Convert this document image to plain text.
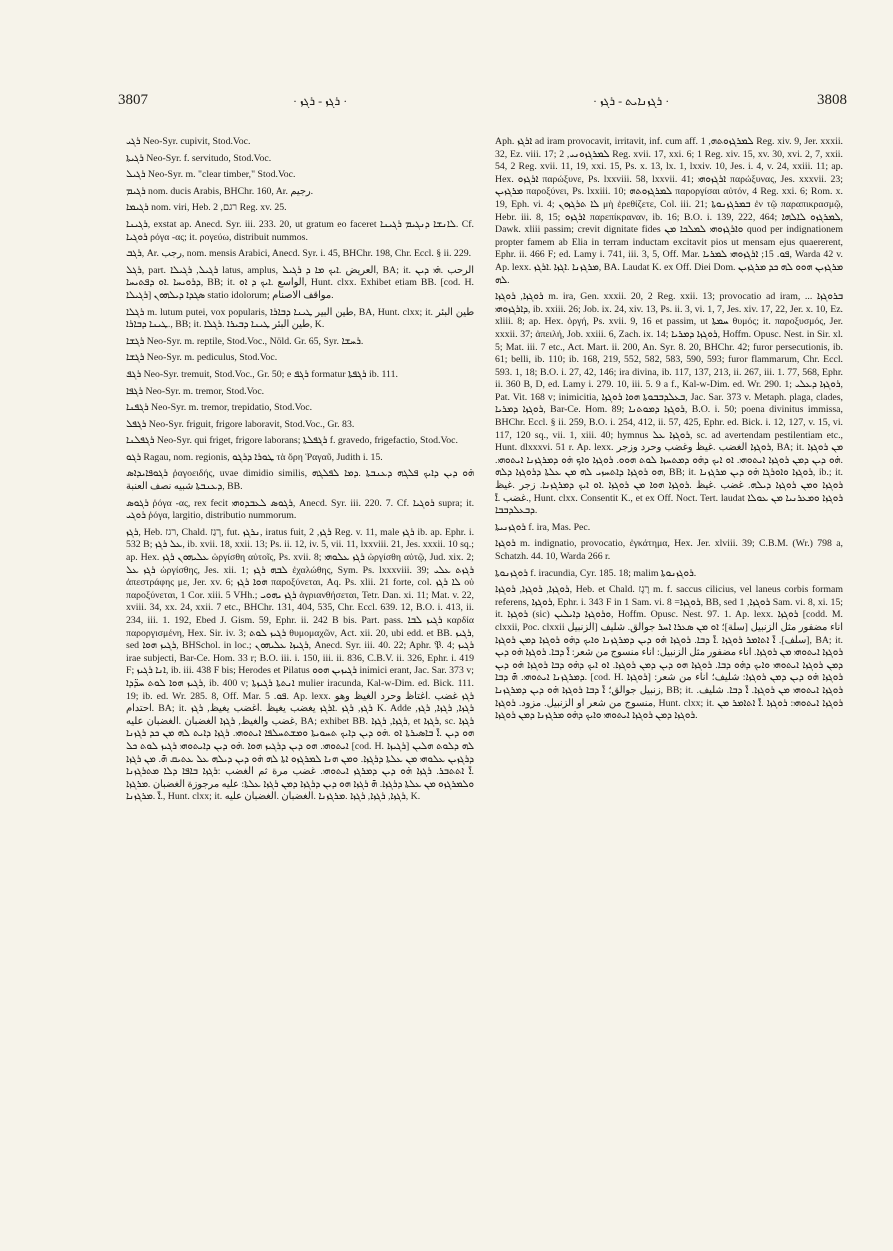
3807	· ܪܓܙ - ܪܓܙ ·	· ܪܓܙܢܐܝܬ - ܪܓܙ ·	3808

ܪܓܝ Neo-Syr. cupivit, Stod.Voc.

ܪܓܝܬܐ Neo-Syr. f. servitudo, Stod.Voc.

ܪܓܝܠ Neo-Syr. m. "clear timber," Stod.Voc.

ܪܓܝܡ nom. ducis Arabis, BHChr. 160, Ar. رجيم.

ܪܓܝܡܐ nom. viri, Heb. רגם, 2 Reg. xv. 25.

ܪܓܝܢܐ, exstat ap. Anecd. Syr. iii. 233. 20, ut gratum eo faceret ܠܐܢܫܐ ܕܢܓܝܡ ܪܓܝܢܐ. Cf. ܪܘܓܝܐ ρόγα -ας; it. ρογεύω, distribuit nummos.

ܪܓܒ, Ar. رجب, nom. mensis Arabici, Anecd. Syr. i. 45, BHChr. 198, Chr. Eccl. § ii. 229.

ܪܓܠ, part. ܪܓܝܠ, ܪܓܝܠܐ latus, amplus, العريض .ܐܝܟ ܡܐ ܕ ܪܓܝܠ, BA; it. الرحب .ܗ̇ܝ ܕܝܢ ܕܪܘܝܚܐ .ܐܘ ܕܦܬܝܚܐ, BB; it. الواسع .ܐܝܟ ܕ ܐܘ, Hunt. clxx. Exhibet etiam BB. [cod. H. ܪܓܝܠܐ] ܣܓܕܐ ܕܝܠܗܘܢ statio idolorum; مواقف الاصنام.

ܪܓܠܐ m. lutum putei, vox popularis, طين البير ܛܝܢܐ ܕܒܐܪܐ, BA, Hunt. clxx; it. طين البئر .ܛܝܢܐ ܕܒܐܪܐ, BB; it. طين البئر ܛܝܢܐ ܕܒܝܪܐ .ܪܓܠܐ, K.

ܪܓܫܐ Neo-Syr. m. reptile, Stod.Voc., Nöld. Gr. 65, Syr. ܪܚܫܐ.

ܪܓܫܐ Neo-Syr. m. pediculus, Stod.Voc.

ܪܓܦ Neo-Syr. tremuit, Stod.Voc., Gr. 50; e ܪܓܦ formatur ܪܓܦܬܐ ib. 111.

ܪܓܦܐ Neo-Syr. m. tremor, Stod.Voc.

ܪܓܦܢܐ Neo-Syr. m. tremor, trepidatio, Stod.Voc.

ܪܓܦܠ Neo-Syr. friguit, frigore laboravit, Stod.Voc., Gr. 83.

ܪܓܦܠܢܐ Neo-Syr. qui friget, frigore laborans; ܪܓܦܠܬܐ f. gravedo, frigefactio, Stod.Voc.

ܪܓܘ Ragau, nom. regionis, ܛܘܪܐ ܕܪܓܘ τὰ ὄρη Ῥαγαῦ, Judith i. 15.

ܪܓܘܦܐܝܕܐܣ ῥαγοειδής, uvae dimidio similis, ܗ̇ܘ ܕܝܢ ܕܐܝܟ ܦܠܓܗ ܕܥܢܒܬܐ .ܕܡܐ ܠܦܠܓܗ ܕܥܢܒܬܐ شبيه نصف العنبة, BB.

ܪܓܘܣ ῥόγα -ας, rex fecit ܪܓܘܣ ܠܥܒܕܘܗܝ, Anecd. Syr. iii. 220. 7. Cf. ܪܘܓܝܐ supra; it. ܪܘܓܝ ῥόγα, largitio, distributio nummorum.

ܪܓܙ, Heb. רגז, Chald. רְגַז, fut. ܢܪܓܙ, iratus fuit, ܪܓܙ, 2 Reg. v. 11, male ܪܓܙ ib. ap. Ephr. i. 532 B; ܥܠ ܪܓܙ, ib. xvii. 18, xxii. 13; Ps. ii. 12, iv. 5, vii. 11, lxxviii. 21, Jes. xxxii. 10 sq.; ap. Hex. ܥܠܝܗܘܢ ܪܓܙ ὠργίσθη αὐτοῖς, Ps. xvii. 8; ܪܓܙ ܥܠܘܗܝ ὠργίσθη αὐτῷ, Jud. xix. 2; ܪܓܙ ܥܠ ὠργίσθης, Jes. xii. 1; ܠܒܗ ܪܓܙ ἐχαλώθης, Sym. Ps. lxxxviii. 39; ܪܓܙܬ ܥܠܝ ἀπεστράφης με, Jer. xv. 6; ܗܘܐ ܪܓܙ παροξύνεται, Aq. Ps. xlii. 21 forte, col. ܠܐ ܪܓܙ οὐ παροξύνεται, 1 Cor. xiii. 5 VHh.; ܪܓܙ ܝܗܘܝ ἀγριανθήσεται, Tetr. Dan. xi. 11; Mat. v. 22, xviii. 34, xx. 24, xxii. 7 etc., BHChr. 131, 404, 535, Chr. Eccl. 639. 12, B.O. i. 413, ii. 234, iii. 1. 192, Ebed J. Gism. 59, Ephr. ii. 242 B bis. Part. pass. ܪܓܝܙ ܠܒܐ καρδία παροργισμένη, Hex. Sir. iv. 3; ܪܓܝܙ ܠܘܬ θυμομαχῶν, Act. xii. 20, ubi edd. et BB. ܪܓܝܙ, sed ܪܓܝܙ ܗܘܐ, BHSchol. in loc.; ܪܓܝܙܐ ܥܠܝܗܘܢ, Anecd. Syr. iii. 40. 22; Aphr. 𝔓. 4; ܪܓܝܙ irae subjecti, Bar-Ce. Hom. 33 r; B.O. iii. i. 150, iii. ii. 836, C.B.V. ii. 326, Ephr. i. 419 F; ܐܢܐ ܪܓܝܙ, ib. iii. 438 F bis; Herodes et Pilatus ܪܓܝܙܝܢ ܗܘܘ inimici erant, Jac. Sar. 373 v; ܪܓܝܙ ܗܘܐ ܠܘܬ ܚܕ̈ܕܐ, ib. 400 v; ܐܢܬܬܐ ܪܓܝܙܬܐ mulier iracunda, Kal-w-Dim. ed. Bick. 111. 19; ib. ed. Wr. 285. 8, Off. Mar. ܦܘ. 5. Ap. lexx. ܪܓܙ غضب .اغتاظ وحرد الغيظ وهو احتدام. BA; it. ܪܓܙ, ܪܓܙ .ܐܪܓܙ يغضب يغيظ .اغضب يغيظ, ܪܓܙ K. Adde ܪܓܙܐ, ܪܓܙܐ, ܪܓܙ, غضب والغيظ, ܪܓܙܐ الغضبان .الغضبان عليه, BA; exhibet BB. ܪܓܙܐ, ܪܓܙܐ, et ܪܓܙܐ, sc. ܪܓܙܐ ܗܘ ܕܝܢ .ܐ̄ ܒܐܣܝܪܬܐ ܐܘ .ܗ̇ܘ ܕܝܢ ܕܐܝܟ ܬܚܘܝܬܐ ܘܡܫܬܚܠܦܐ ܐܝܬܘܗܝ. ܪܓܙܐ ܕܐܝܬ ܠܗ ܡܢ ܟܕ ܪܓܙܢܐ ܐܝܬܘܗܝ. ܗܘ ܕܝܢ ܕܪܓܝܙ ܗܘܐ .ܗ̇ܘ ܕܝܢ ܕܐܝܬܘܗܝ ܪܓܝܙ ܠܘܬ ܟܠ [cod. H. ܪܓܝܙܐ] ܠܗ ܕܠܘܬ ܗܠܝܢ ܕܪܓܙܝܢ ܥܠܘܗܝ ܡܢ ܥܠܬܐ ܕܪܓܙܐ. ܘܡܢ ܗܢܐ ܠܡܪܓܙܘ ܐܬܐ ܠܗ ܗ̇ܘ ܕܝܢ ܕܝܠܗ ܥܠ ܥܬܝܩ ܗ̄. ܡܢ ܪܓܙܐ .ܐ̄ ܐܬܬܒܪ. ܪܓܙܐ ܗ̇ܘ ܕܝܢ ܕܡܪܓܙ ܐܝܬܘܗܝ. غضب مرة ثم الغضب :ܪܓܙܐ ܒܐܦܐ ܕܠܐ ܡܬܪܓܙܢܐ ܘܠܡܪܓܙܘ ܡܢ ܥܠܬܐ ܕܪܓܙܐ. ܗ̄ ܪܓܙܐ ܗܘ ܕܝܢ ܕܪܓܙܐ ܕܡܢ ܪܓܙܐ ܥܠܬܐ: عليه مرجوزة الغضبان .ܡܪܓܙܐ .ܐ̄ .ܡܪܓܙܢܐ, Hunt. clxx; it. ܪܓܙܐ, ܪܓܙܐ, ܪܓܙܐ .ܡܪܓܙܢܐ .الغضبان .الغضبان عليه, K.

Aph. ܐܪܓܙ ad iram provocavit, irritavit, inf. cum aff. ܠܡܪܓܙܘܬܗ, 1 Reg. xiv. 9, Jer. xxxii. 32, Ez. viii. 17; ܠܡܪܓܙܘܢܝ, 2 Reg. xvii. 17, xxi. 6; 1 Reg. xiv. 15, xv. 30, xvi. 2, 7, xxii. 54, 2 Reg. xvii. 11, 19, xxi. 15, Ps. x. 13, lx. 1, lxxiv. 10, Jes. i. 4, v. 24, xxiii. 11; ap. Hex. ܐܪܓܙܘ παρώξυνε, Ps. lxxviii. 58, lxxvii. 41; ܐܪܓܙܘܗܝ παρώξυνας, Jes. xxxvii. 23; ܡܪܓܙܝܢ παροξύνει, Ps. lxxiii. 10; ܠܡܪܓܙܘܬܗ παροργίσαι αὐτόν, 4 Reg. xxi. 6; Rom. x. 19, Eph. vi. 4; ܠܐ ܬܪܓܙܘܢ μὴ ἐρεθίζετε, Col. iii. 21; ܒܡܪܓܙܢܘܬܐ ἐν τῷ παραπικρασμῷ, Hebr. iii. 8, 15; ܐܪܓܙܘ παρεπίκραναν, ib. 16; B.O. i. 139, 222, 464; ܠܡܪܓܙܘ ܠܐܠܗܐ, Dawk. xliii passim; crevit dignitate fides ܘܐܪܓܙܘܗܝ ܠܡܠܟܐ ܡܢ quod per indignationem propter famem ab Elia in terram inductam excitavit pios ut mensam ejus quaererent, Ephr. ii. 466 F; ed. Lamy i. 741, iii. 3, 5, Off. Mar. ܦܘ. 15; ܐܪܓܙܘܗܝ ܠܡܪܝܐ, Warda 42 v. Ap. lexx. ܡܪܓܙܢܐ .ܐܓܙܐ .ܐܪܓܙ, BA. Laudat K. ex Off. Diei Dom. ܡܪܓܙܝܢ ܗܘܘ ܠܗ ܟܕ ܡܪܓܙܝܢ ܠܗ.

ܪܘܓܙܐ, ܪܘܓܙܐ m. ira, Gen. xxxii. 20, 2 Reg. xxii. 13; provocatio ad iram, ... ܒܪܘܓܙܐ ܕܐܪܓܙܘܗܝ, ib. xxiii. 26; Job. ix. 24, xiv. 13, Ps. ii. 3, vi. 1, 7, Jes. xiv. 17, 22, Jer. x. 10, Ez. xliii. 8; ap. Hex. ὀργή, Ps. xvii. 9, 16 et passim, ut ܚܡܬܐ θυμός; it. παροξυσμός, Jer. xxxii. 37; ἀπειλή, Job. xxiii. 6, Zach. ix. 14; ܪܘܓܙܐ ܕܡܪܝܐ, Hoffm. Opusc. Nest. in Sir. xl. 5; Mat. iii. 7 etc., Act. Mart. ii. 200, An. Syr. 8. 20, BHChr. 42; furor persecutionis, ib. 61; belli, ib. 110; ib. 168, 219, 552, 582, 583, 590, 593; furor flammarum, Chr. Eccl. 593. 1, 18; B.O. i. 27, 42, 146; ira divina, ib. 117, 137, 213, ii. 267, iii. 1. 77, 568, Ephr. ii. 360 B, D, ed. Lamy i. 279. 10, iii. 5. 9 a f., Kal-w-Dim. ed. Wr. 290. 1; ܪܘܓܙܐ ܕܥܠܝ, Pat. Vit. 168 v; inimicitia, ܒܥܠܕܒܒܘܬܐ ܗܘܐ ܪܘܓܙܐ, Jac. Sar. 373 v. Metaph. plaga, clades, ܪܘܓܙܐ ܕܡܪܝܐ, Bar-Ce. Hom. 89; ܪܘܓܙܐ ܕܡܘܬܢܐ, B.O. i. 50; poena divinitus immissa, BHChr. Eccl. § ii. 259, B.O. i. 254, 412, ii. 57, 425, Ephr. ed. Bick. i. 12, 127, v. 15, vi. 117, 120 sq., vii. 1, xiii. 40; hymnus ܪܘܓܙܐ ܥܠ, sc. ad avertendam pestilentiam etc., Hunt. dlxxxvi. 51 r. Ap. lexx. ܪܘܓܙܐ الغضب .غيظ وغضب وحرد وزجر, BA; it. ܡܢ ܪܘܓܙܐ .ܗ̇ܘ ܕܝܢ ܕܡܢ ܪܘܓܙܐ ܐܝܬܘܗܝ. ܐܘ ܐܝܟ ܕܗ̇ܘ ܕܡܬܚܙܐ ܠܘܬ ܗܘܘ. ܪܘܓܙܐ ܘܐܟ ܗ̇ܘ ܕܡܪܓܙܢܐ ܐܝܬܘܗܝ. ܗܘ ܪܘܓܙܐ ܕܐܬܚܙܝ ܠܗ ܡܢ ܥܠܬܐ ܕܪܘܓܙܐ ܕܠܗ, BB; it. ܪܘܓܙܐ ܘܐܘܪܓܐ ܗ̇ܘ ܕܝܢ ܡܪܓܙܢܐ, ib.; it. ܪܘܓܙܐ ܘܡܢ ܪܘܓܙܐ ܕܝܠܗ. غضب .غيظ .ܪܘܓܙܐ ܗܘܐ ܡܢ ܪܘܓܙܐ .ܐܘ ܐܝܟ ܕܡܪܓܙܢܐ. زجر .غيظ .غضب .ܐ̄, Hunt. clxx. Consentit K., et ex Off. Noct. Tert. laudat ܪܘܓܙܐ ܘܡܥܪܢܝܐ ܡܢ ܥܘܠܐ ܕܒܥܠܕܒܒܐ.

ܪܘܓܙܢܝܬܐ f. ira, Mas. Pec.

ܪܘܓܙܐ m. indignatio, provocatio, ἐγκάτημα, Hex. Jer. xlviii. 39; C.B.M. (Wr.) 798 a, Schatzh. 44. 10, Warda 266 r.

ܪܘܓܙܢܘܬܐ f. iracundia, Cyr. 185. 18; malim ܪܘܓܙܢܘܬܐ.

ܪܘܓܙܐ, ܪܘܓܙܐ, ܪܘܓܙܐ, Heb. et Chald. רֶגֶז m. f. saccus cilicius, vel laneus corbis formam referens, ܪܘܓܙܐ, Ephr. i. 343 F in 1 Sam. vi. 8 =ܪܘܓܙܐ, BB, sed ܪܘܓܙܐ, 1 Sam. vi. 8, xi. 15; it. ܪܘܓܙܐ (sic) ܘܪܘܓܙܐ ܕܐܝܠܝܢ, Hoffm. Opusc. Nest. 97. 1. Ap. lexx. ܪܘܓܙܐ [codd. M. clxxii, Poc. clxxii الزنبيل] اناء مضفور مثل الزنبيل [سلة]؛ ܐܘ ܡܢ ܣܥܪܐ ܐܚܪ جوالق. شليف [سلف]. ܐ̄ ܐܬܐܡܪ ܪܘܓܙܐ .ܐ̄ ܕܒܐ. ܪܘܓܙܐ ܗ̇ܘ ܕܝܢ ܕܡܪܓܙܢܐ ܘܐܝܟ ܕܗ̇ܘ ܪܘܓܙܐ ܕܡܢ ܪܘܓܙܐ, BA; it. ܪܘܓܙܐ ܐܝܬܘܗܝ ܡܢ ܪܘܓܙܐ. اناء مضفور مثل الزنبيل: اناء منسوج من شعر: ܐ̄ ܕܒܐ. ܪܘܓܙܐ ܗ̇ܘ ܕܝܢ ܕܡܢ ܪܘܓܙܐ ܐܝܬܘܗܝ ܘܐܝܟ ܕܗ̇ܘ ܕܒܐ. ܪܘܓܙܐ ܗܘ ܕܝܢ ܕܡܢ ܪܘܓܙܐ. ܐܘ ܐܝܟ ܕܗ̇ܘ ܕܒܐ ܪܘܓܙܐ ܗ̇ܘ ܕܝܢ ܕܡܪܓܙܢܐ ܐܝܬܘܗܝ. ܗ̄ ܕܒܐ. [cod. H. ܪܘܓܙܐ] ܪܘܓܙܐ ܗ̇ܘ ܕܝܢ ܕܡܢ ܪܘܓܙܐ: شليف؛ اناء من شعر: زنبيل جوالق؛ ܐ̄ ܕܒܐ ܪܘܓܙܐ ܗ̇ܘ ܕܝܢ ܕܡܪܓܙܢܐ, BB; it. ܪܘܓܙܐ ܐܝܬܘܗܝ ܡܢ ܪܘܓܙܐ. ܐ̄ ܕܒܐ. شليف. منسوج من شعر او الزنبيل. مزود. ܪܘܓܙܐ, Hunt. clxx; it. ܪܘܓܙܐ ܐܝܬܘܗܝ: ܪܘܓܙܐ .ܐ̄ ܐܬܐܡܪ ܡܢ ܪܘܓܙܐ ܕܡܢ ܪܘܓܙܐ ܐܝܬܘܗܝ ܘܐܝܟ ܕܗ̇ܘ ܡܪܓܙܢܐ ܕܡܢ ܪܘܓܙܐ.
